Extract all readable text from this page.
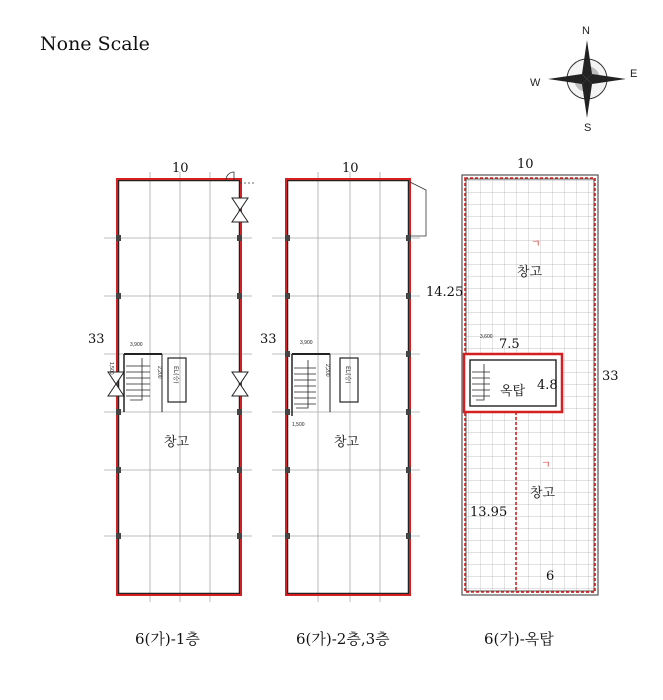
None Scale
N
S
E
W
3,900
2,200
1,500	EL(승)
10
33
창고
3,900
2,200
1,500
EL(승)
10
33
창고
3,600
ㄱ
ㄱ
10
33
14.25
7.5
4.8
옥탑
창고
창고
13.95
6
6(가)-1층	6(가)-2층,3층	6(가)-옥탑
